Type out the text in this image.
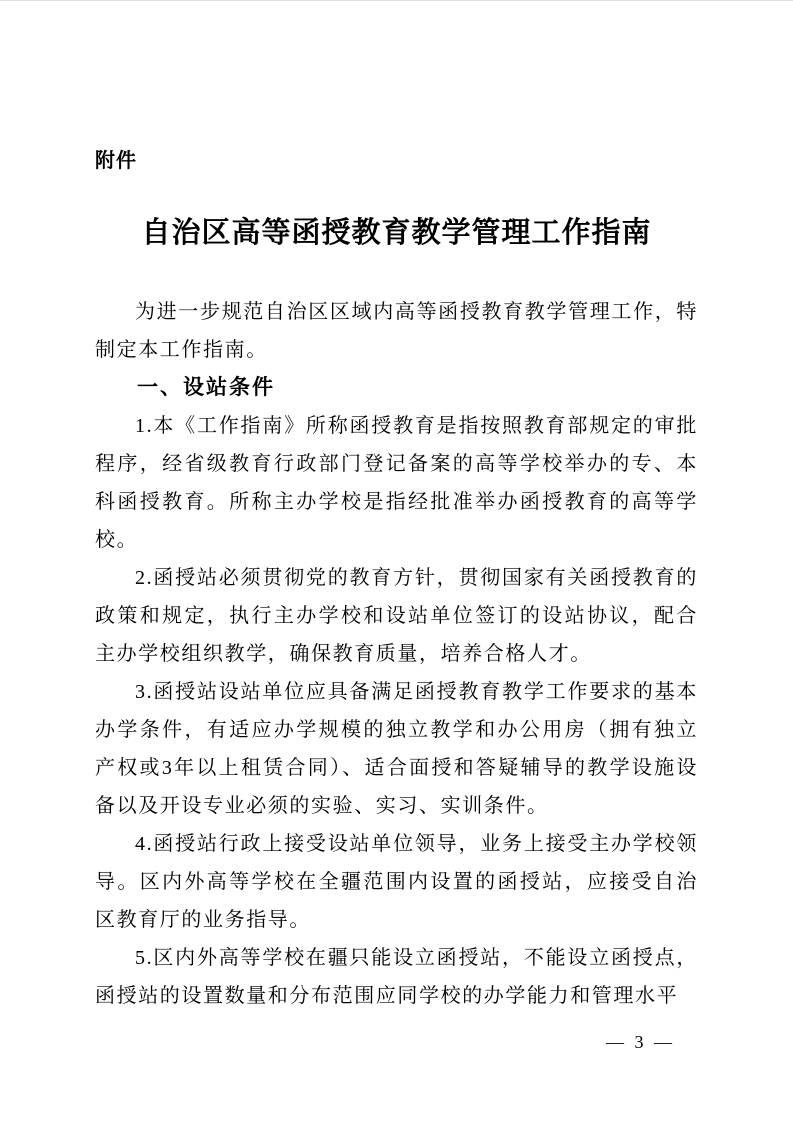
附件
自治区高等函授教育教学管理工作指南

为进一步规范自治区区域内高等函授教育教学管理工作，特制定本工作指南。

一、设站条件

1.本《工作指南》所称函授教育是指按照教育部规定的审批程序，经省级教育行政部门登记备案的高等学校举办的专、本科函授教育。所称主办学校是指经批准举办函授教育的高等学校。

2.函授站必须贯彻党的教育方针，贯彻国家有关函授教育的政策和规定，执行主办学校和设站单位签订的设站协议，配合主办学校组织教学，确保教育质量，培养合格人才。

3.函授站设站单位应具备满足函授教育教学工作要求的基本办学条件，有适应办学规模的独立教学和办公用房（拥有独立产权或3年以上租赁合同）、适合面授和答疑辅导的教学设施设备以及开设专业必须的实验、实习、实训条件。

4.函授站行政上接受设站单位领导，业务上接受主办学校领导。区内外高等学校在全疆范围内设置的函授站，应接受自治区教育厅的业务指导。

5.区内外高等学校在疆只能设立函授站，不能设立函授点，函授站的设置数量和分布范围应同学校的办学能力和管理水平

— 3 —
